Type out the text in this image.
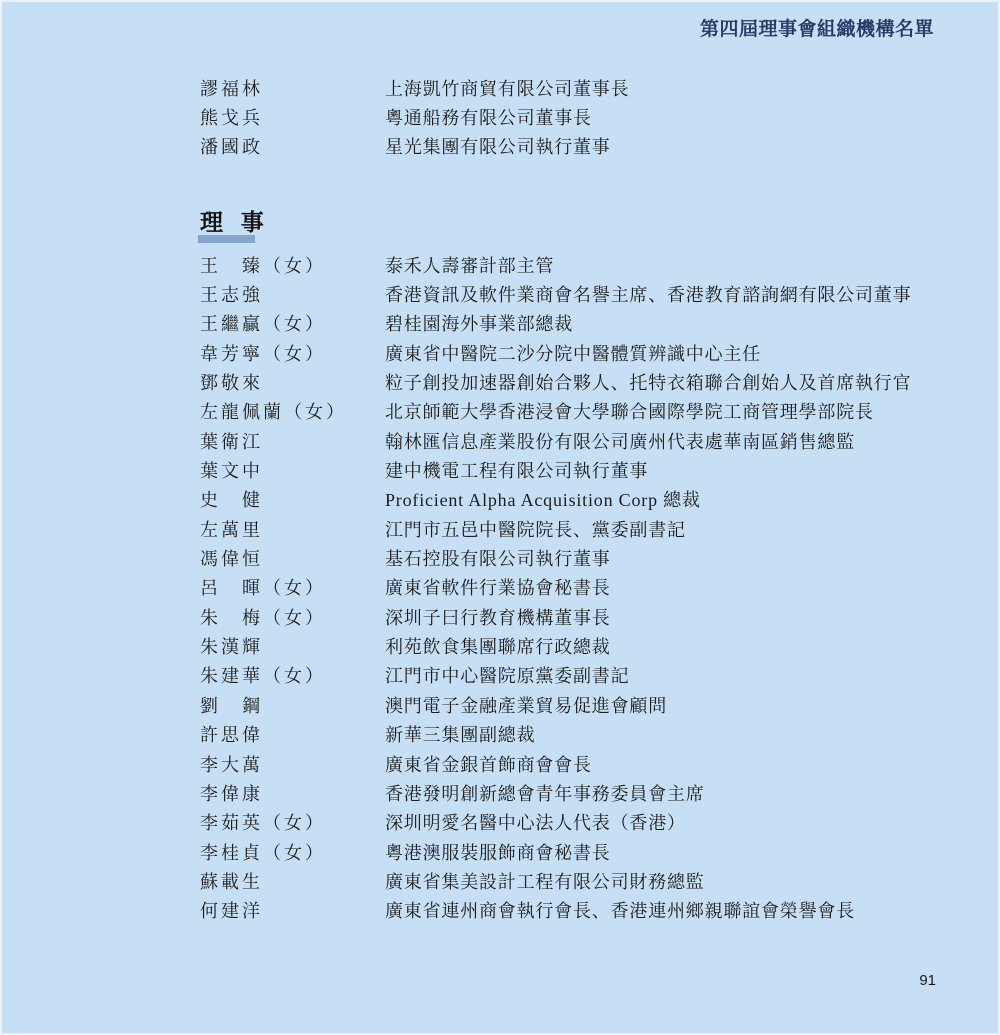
第四屆理事會組織機構名單
謬福林	上海凱竹商貿有限公司董事長
熊戈兵	粵通船務有限公司董事長
潘國政	星光集團有限公司執行董事
理 事
王　臻（女）	泰禾人壽審計部主管
王志強	香港資訊及軟件業商會名譽主席、香港教育諮詢網有限公司董事
王繼贏（女）	碧桂園海外事業部總裁
韋芳寧（女）	廣東省中醫院二沙分院中醫體質辨識中心主任
鄧敬來	粒子創投加速器創始合夥人、托特衣箱聯合創始人及首席執行官
左龍佩蘭（女）	北京師範大學香港浸會大學聯合國際學院工商管理學部院長
葉衛江	翰林匯信息產業股份有限公司廣州代表處華南區銷售總監
葉文中	建中機電工程有限公司執行董事
史　健	Proficient Alpha Acquisition Corp 總裁
左萬里	江門市五邑中醫院院長、黨委副書記
馮偉恒	基石控股有限公司執行董事
呂　暉（女）	廣東省軟件行業協會秘書長
朱　梅（女）	深圳子曰行教育機構董事長
朱漢輝	利苑飲食集團聯席行政總裁
朱建華（女）	江門市中心醫院原黨委副書記
劉　鋼	澳門電子金融產業貿易促進會顧問
許思偉	新華三集團副總裁
李大萬	廣東省金銀首飾商會會長
李偉康	香港發明創新總會青年事務委員會主席
李茹英（女）	深圳明愛名醫中心法人代表（香港）
李桂貞（女）	粵港澳服裝服飾商會秘書長
蘇載生	廣東省集美設計工程有限公司財務總監
何建洋	廣東省連州商會執行會長、香港連州鄉親聯誼會榮譽會長
91
